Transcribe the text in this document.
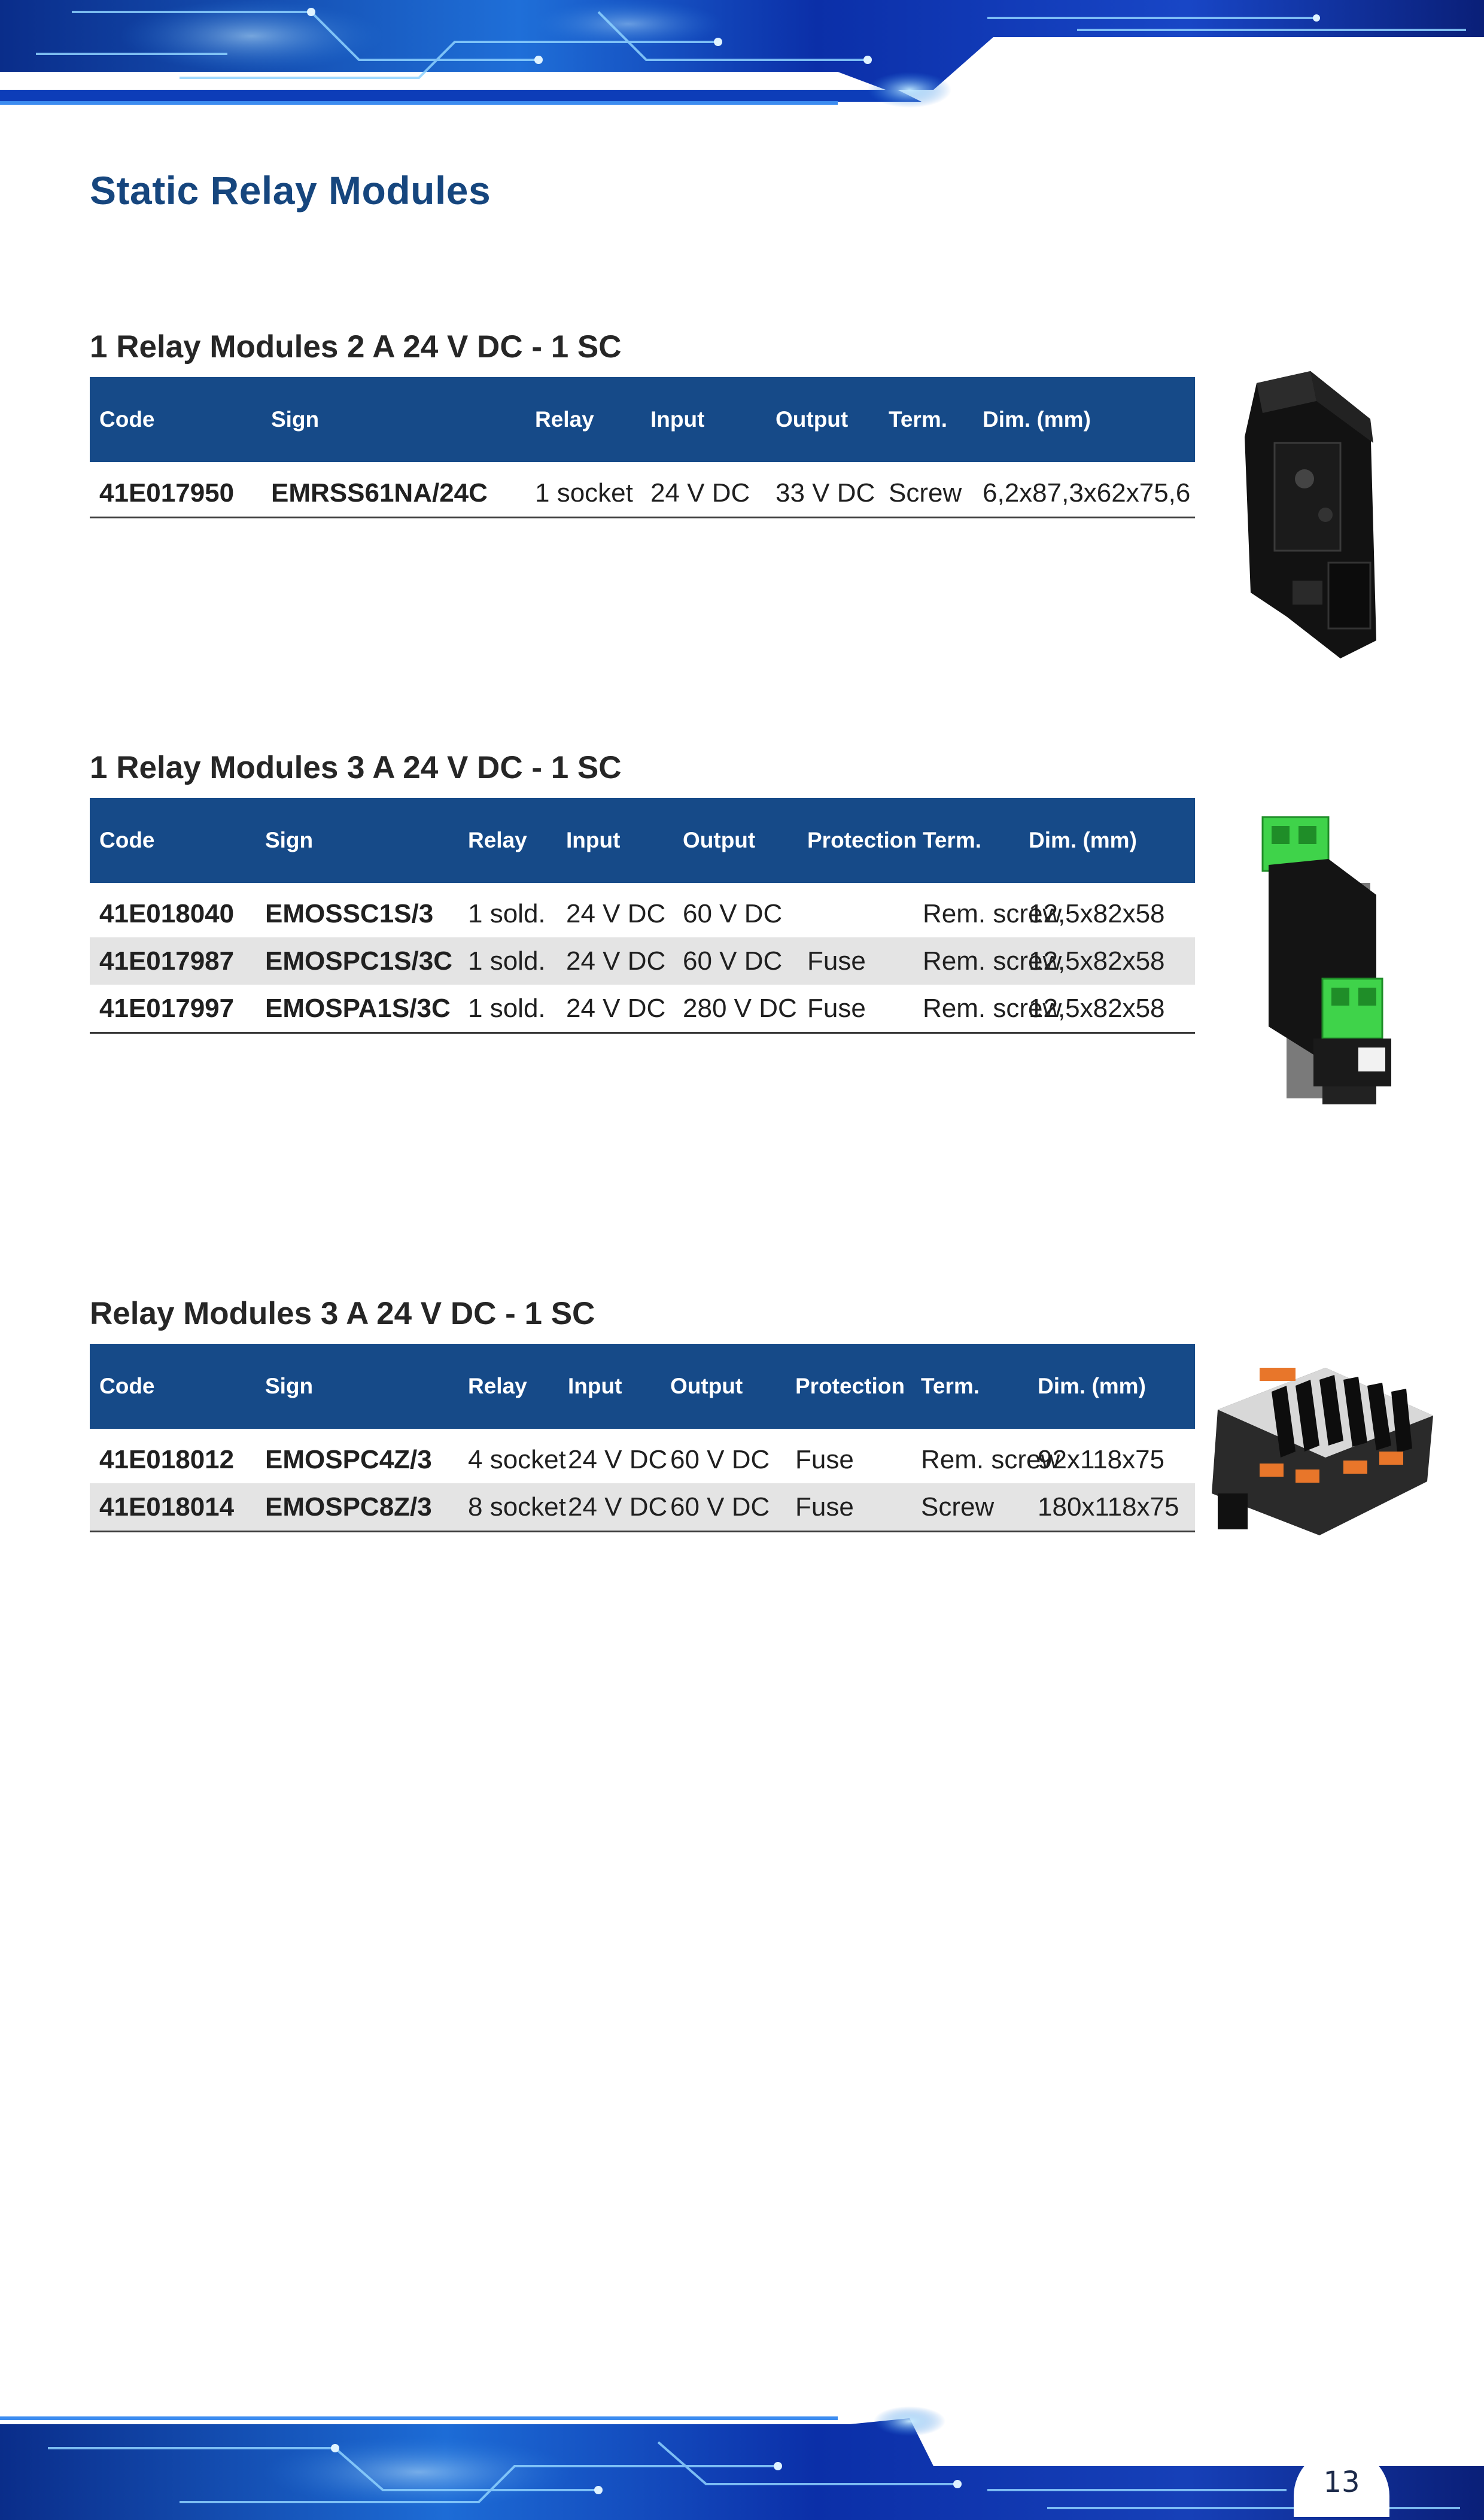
Static Relay Modules
1 Relay Modules 2 A 24 V DC - 1 SC
Code	Sign	Relay	Input	Output	Term.	Dim. (mm)
41E017950	EMRSS61NA/24C	1 socket	24 V DC	33 V DC	Screw	6,2x87,3x62x75,6
1 Relay Modules 3 A 24 V DC - 1 SC
Code	Sign	Relay	Input	Output	Protection	Term.	Dim. (mm)
41E018040	EMOSSC1S/3	1 sold.	24 V DC	60 V DC		Rem. screw	12,5x82x58
41E017987	EMOSPC1S/3C	1 sold.	24 V DC	60 V DC	Fuse	Rem. screw	12,5x82x58
41E017997	EMOSPA1S/3C	1 sold.	24 V DC	280 V DC	Fuse	Rem. screw	12,5x82x58
Relay Modules 3 A 24 V DC - 1 SC
Code	Sign	Relay	Input	Output	Protection	Term.	Dim. (mm)
41E018012	EMOSPC4Z/3	4 socket	24 V DC	60 V DC	Fuse	Rem. screw	92x118x75
41E018014	EMOSPC8Z/3	8 socket	24 V DC	60 V DC	Fuse	Screw	180x118x75
13
